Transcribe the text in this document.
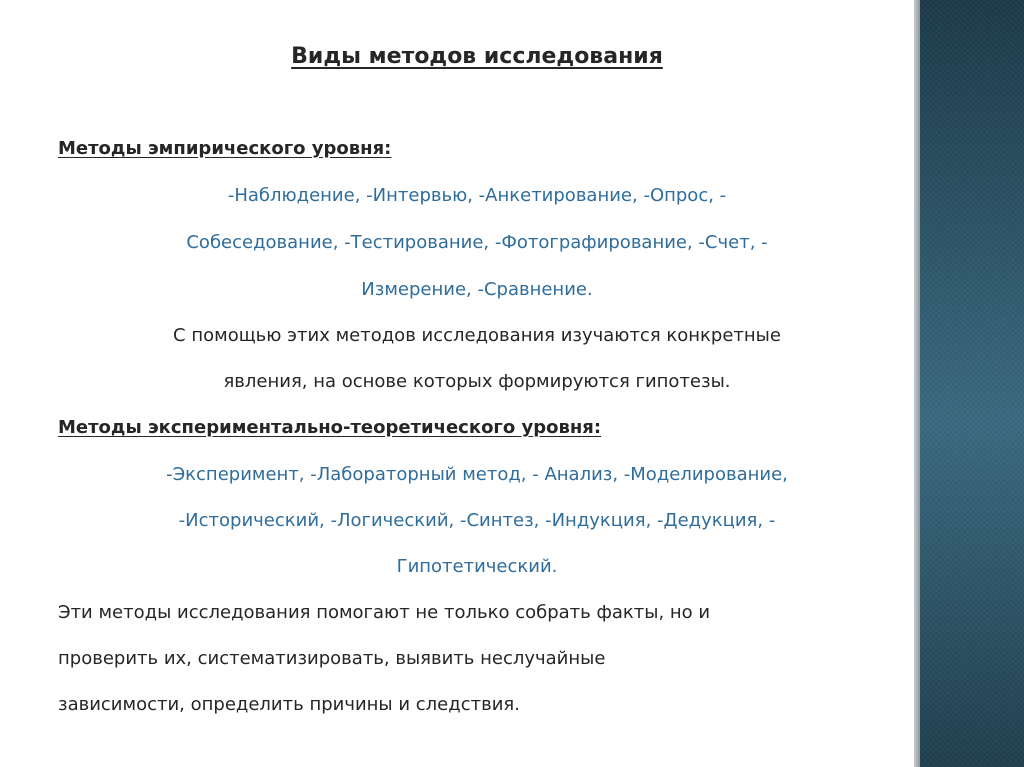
Виды методов исследования
Методы эмпирического уровня:
-Наблюдение, -Интервью, -Анкетирование, -Опрос, -
Собеседование, -Тестирование, -Фотографирование, -Счет, -
Измерение, -Сравнение.
С помощью этих методов исследования изучаются конкретные
явления, на основе которых формируются гипотезы.
Методы экспериментально-теоретического уровня:
-Эксперимент, -Лабораторный метод, - Анализ, -Моделирование,
-Исторический, -Логический, -Синтез, -Индукция, -Дедукция, -
Гипотетический.
Эти методы исследования помогают не только собрать факты, но и
проверить их, систематизировать, выявить неслучайные
зависимости, определить причины и следствия.
